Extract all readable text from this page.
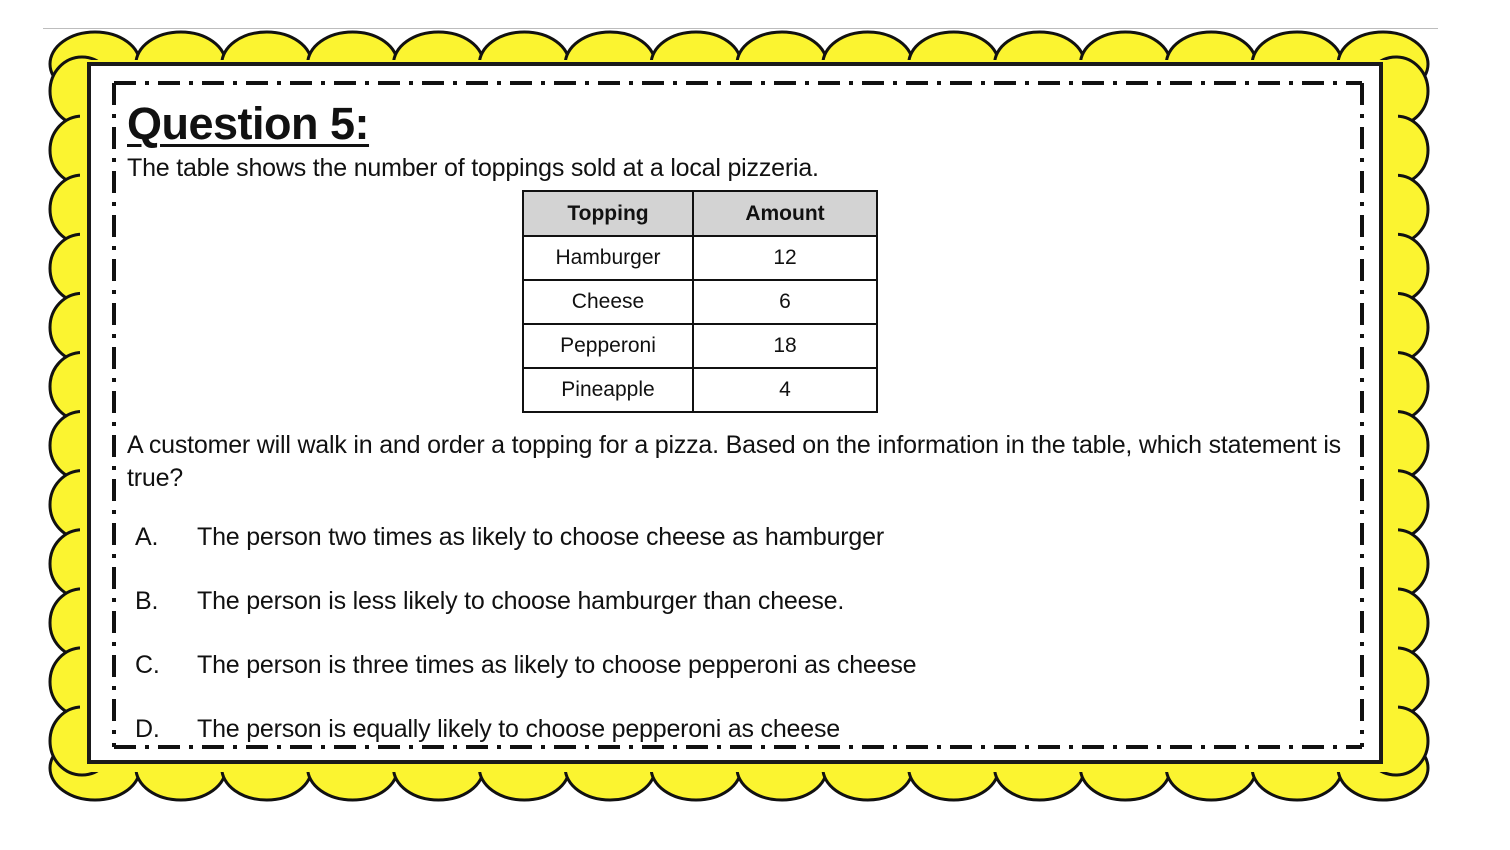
Question 5:

The table shows the number of toppings sold at a local pizzeria.

Topping	Amount
Hamburger	12
Cheese	6
Pepperoni	18
Pineapple	4

A customer will walk in and order a topping for a pizza. Based on the information in the table, which statement is true?

A. The person two times as likely to choose cheese as hamburger
B. The person is less likely to choose hamburger than cheese.
C. The person is three times as likely to choose pepperoni as cheese
D. The person is equally likely to choose pepperoni as cheese
